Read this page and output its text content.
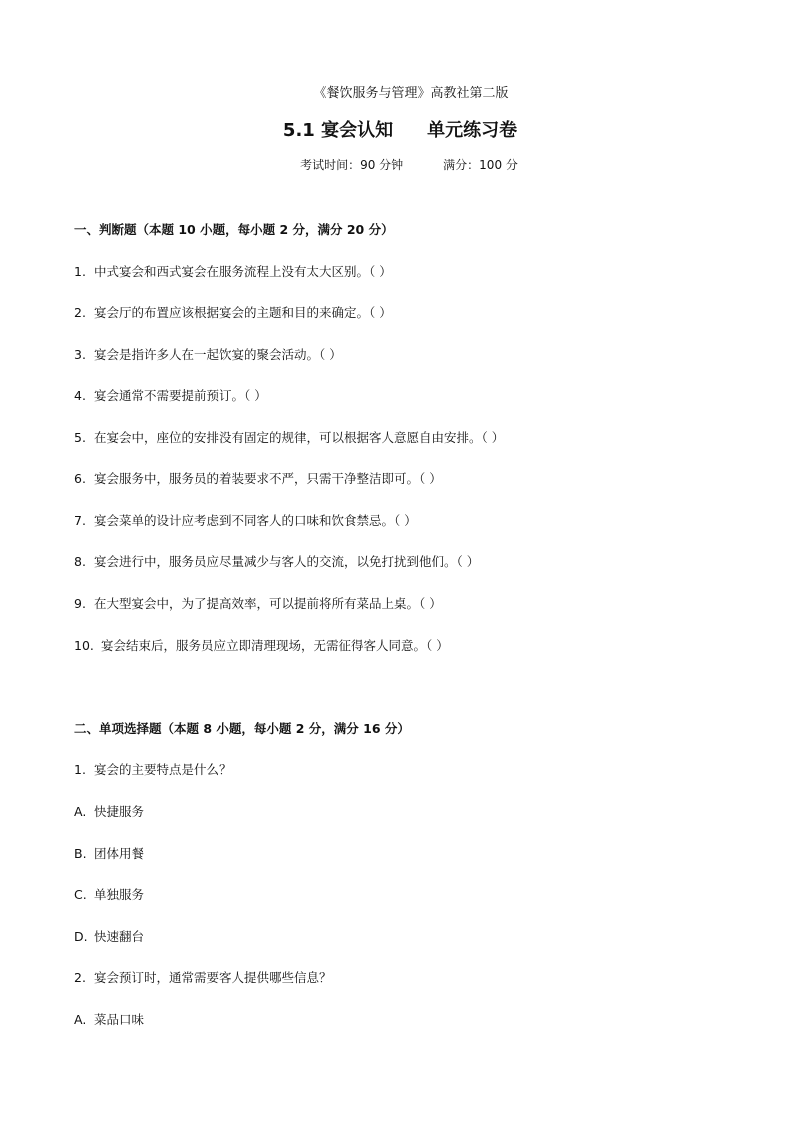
《餐饮服务与管理》高教社第二版
5.1 宴会认知 单元练习卷
考试时间：90 分钟	满分：100 分
一、判断题（本题 10 小题，每小题 2 分，满分 20 分）
1. 中式宴会和西式宴会在服务流程上没有太大区别。（ ）
2. 宴会厅的布置应该根据宴会的主题和目的来确定。（ ）
3. 宴会是指许多人在一起饮宴的聚会活动。（ ）
4. 宴会通常不需要提前预订。（ ）
5. 在宴会中，座位的安排没有固定的规律，可以根据客人意愿自由安排。（ ）
6. 宴会服务中，服务员的着装要求不严，只需干净整洁即可。（ ）
7. 宴会菜单的设计应考虑到不同客人的口味和饮食禁忌。（ ）
8. 宴会进行中，服务员应尽量减少与客人的交流，以免打扰到他们。（ ）
9. 在大型宴会中，为了提高效率，可以提前将所有菜品上桌。（ ）
10. 宴会结束后，服务员应立即清理现场，无需征得客人同意。（ ）
二、单项选择题（本题 8 小题，每小题 2 分，满分 16 分）
1. 宴会的主要特点是什么？
A. 快捷服务
B. 团体用餐
C. 单独服务
D. 快速翻台
2. 宴会预订时，通常需要客人提供哪些信息？
A. 菜品口味
